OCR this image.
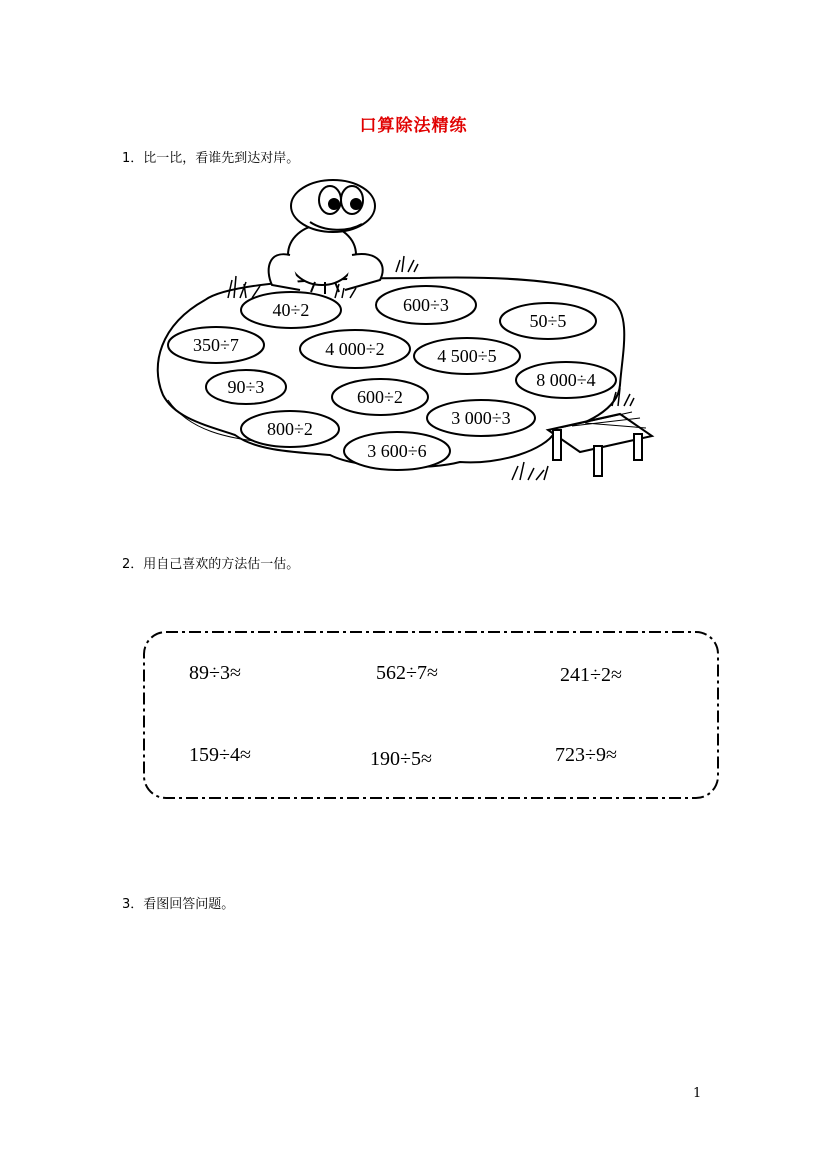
口算除法精练
1．比一比，看谁先到达对岸。
40÷2	600÷3
50÷5
350÷7	4 000÷2	4 500÷5
8 000÷4
90÷3	600÷2
3 000÷3
800÷2
3 600÷6
89÷3≈	562÷7≈	241÷2≈
159÷4≈	190÷5≈	723÷9≈
2．用自己喜欢的方法估一估。
3．看图回答问题。
1
